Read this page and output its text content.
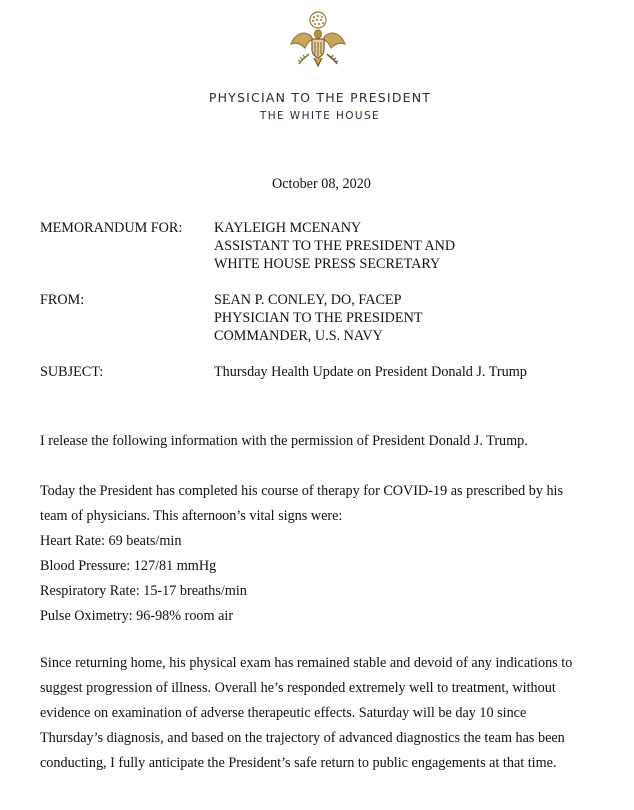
PHYSICIAN TO THE PRESIDENT
THE WHITE HOUSE
October 08, 2020
MEMORANDUM FOR: KAYLEIGH MCENANY
ASSISTANT TO THE PRESIDENT AND
WHITE HOUSE PRESS SECRETARY
FROM:	SEAN P. CONLEY, DO, FACEP
PHYSICIAN TO THE PRESIDENT
COMMANDER, U.S. NAVY
SUBJECT:	Thursday Health Update on President Donald J. Trump
I release the following information with the permission of President Donald J. Trump.
Today the President has completed his course of therapy for COVID-19 as prescribed by his
team of physicians. This afternoon’s vital signs were:
Heart Rate: 69 beats/min
Blood Pressure: 127/81 mmHg
Respiratory Rate: 15-17 breaths/min
Pulse Oximetry: 96-98% room air
Since returning home, his physical exam has remained stable and devoid of any indications to
suggest progression of illness. Overall he’s responded extremely well to treatment, without
evidence on examination of adverse therapeutic effects. Saturday will be day 10 since
Thursday’s diagnosis, and based on the trajectory of advanced diagnostics the team has been
conducting, I fully anticipate the President’s safe return to public engagements at that time.
